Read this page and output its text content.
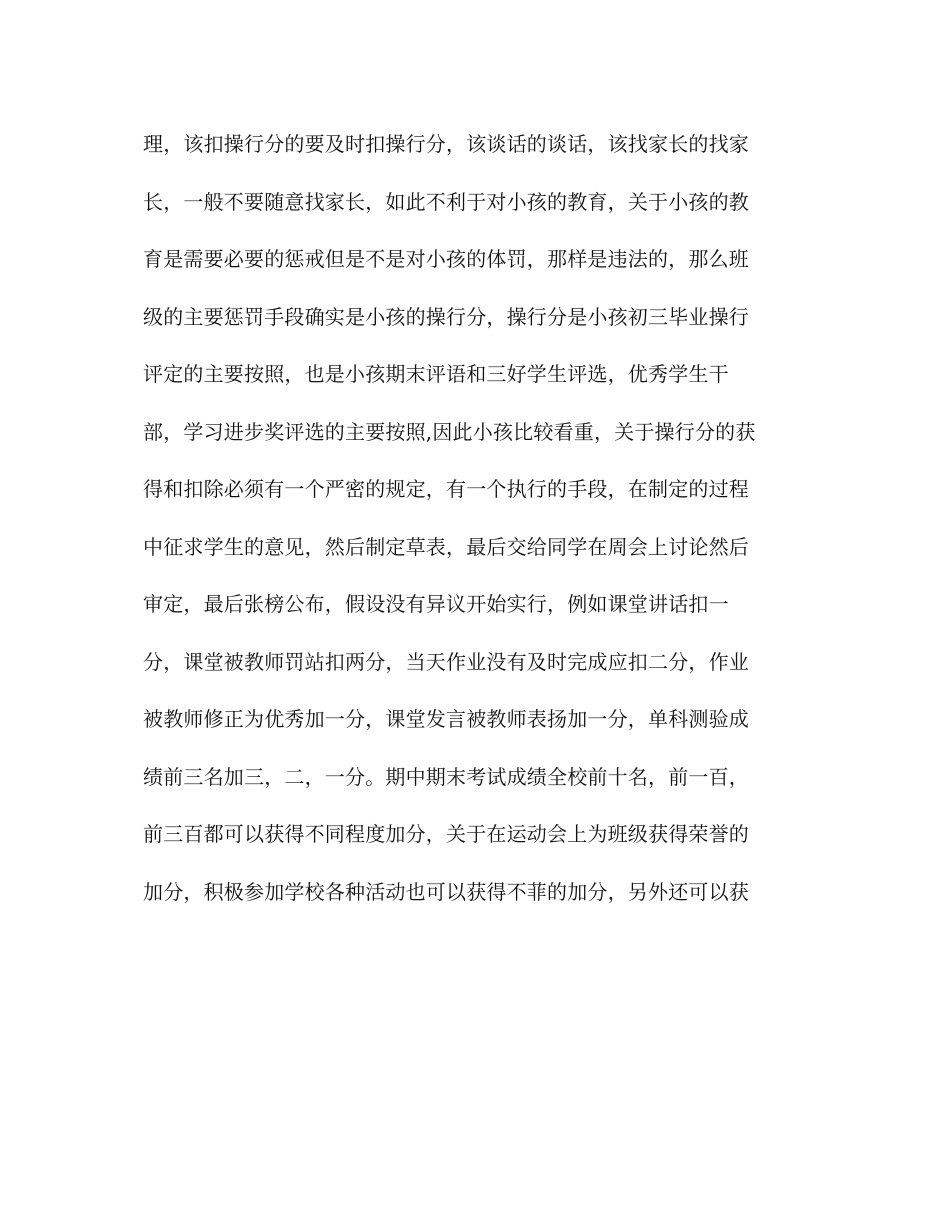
理，该扣操行分的要及时扣操行分，该谈话的谈话，该找家长的找家
长，一般不要随意找家长，如此不利于对小孩的教育，关于小孩的教
育是需要必要的惩戒但是不是对小孩的体罚，那样是违法的，那么班
级的主要惩罚手段确实是小孩的操行分，操行分是小孩初三毕业操行
评定的主要按照，也是小孩期末评语和三好学生评选，优秀学生干
部，学习进步奖评选的主要按照,因此小孩比较看重，关于操行分的获
得和扣除必须有一个严密的规定，有一个执行的手段，在制定的过程
中征求学生的意见，然后制定草表，最后交给同学在周会上讨论然后
审定，最后张榜公布，假设没有异议开始实行，例如课堂讲话扣一
分，课堂被教师罚站扣两分，当天作业没有及时完成应扣二分，作业
被教师修正为优秀加一分，课堂发言被教师表扬加一分，单科测验成
绩前三名加三，二，一分。期中期末考试成绩全校前十名，前一百，
前三百都可以获得不同程度加分，关于在运动会上为班级获得荣誉的
加分，积极参加学校各种活动也可以获得不菲的加分，另外还可以获
